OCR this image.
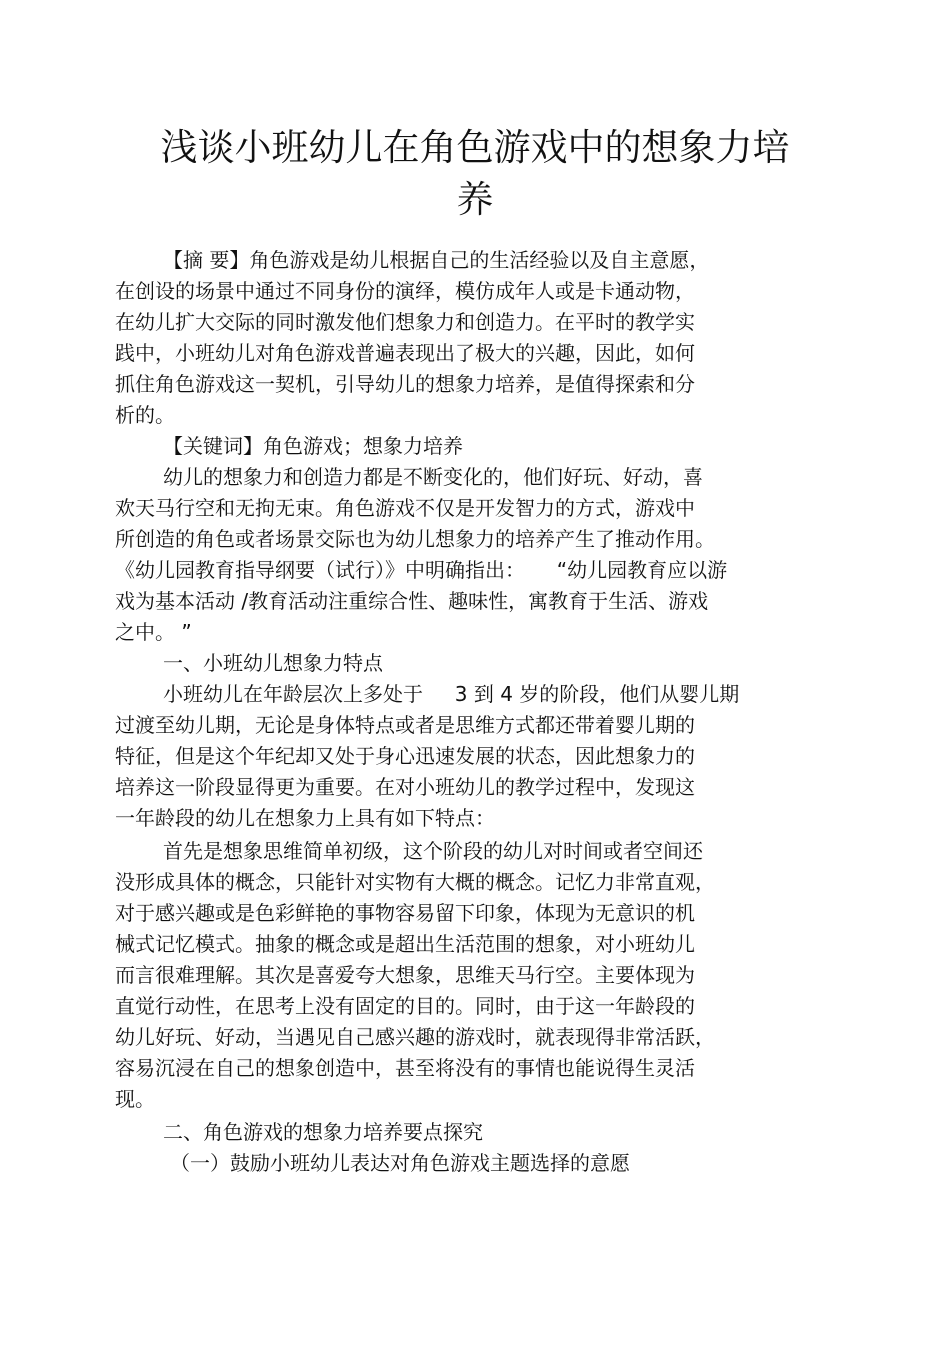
浅谈小班幼儿在角色游戏中的想象力培
养
【摘 要】角色游戏是幼儿根据自己的生活经验以及自主意愿，
在创设的场景中通过不同身份的演绎，模仿成年人或是卡通动物，
在幼儿扩大交际的同时激发他们想象力和创造力。在平时的教学实
践中，小班幼儿对角色游戏普遍表现出了极大的兴趣，因此，如何
抓住角色游戏这一契机，引导幼儿的想象力培养，是值得探索和分
析的。
【关键词】角色游戏；想象力培养
幼儿的想象力和创造力都是不断变化的，他们好玩、好动，喜
欢天马行空和无拘无束。角色游戏不仅是开发智力的方式，游戏中
所创造的角色或者场景交际也为幼儿想象力的培养产生了推动作用。
《幼儿园教育指导纲要（试行）》中明确指出：     “幼儿园教育应以游
戏为基本活动 /教育活动注重综合性、趣味性，寓教育于生活、游戏
之中。 ”
一、小班幼儿想象力特点
小班幼儿在年龄层次上多处于     3 到 4 岁的阶段，他们从婴儿期
过渡至幼儿期，无论是身体特点或者是思维方式都还带着婴儿期的
特征，但是这个年纪却又处于身心迅速发展的状态，因此想象力的
培养这一阶段显得更为重要。在对小班幼儿的教学过程中，发现这
一年龄段的幼儿在想象力上具有如下特点：
首先是想象思维简单初级，这个阶段的幼儿对时间或者空间还
没形成具体的概念，只能针对实物有大概的概念。记忆力非常直观，
对于感兴趣或是色彩鲜艳的事物容易留下印象，体现为无意识的机
械式记忆模式。抽象的概念或是超出生活范围的想象，对小班幼儿
而言很难理解。其次是喜爱夸大想象，思维天马行空。主要体现为
直觉行动性，在思考上没有固定的目的。同时，由于这一年龄段的
幼儿好玩、好动，当遇见自己感兴趣的游戏时，就表现得非常活跃，
容易沉浸在自己的想象创造中，甚至将没有的事情也能说得生灵活
现。
二、角色游戏的想象力培养要点探究
（一）鼓励小班幼儿表达对角色游戏主题选择的意愿
